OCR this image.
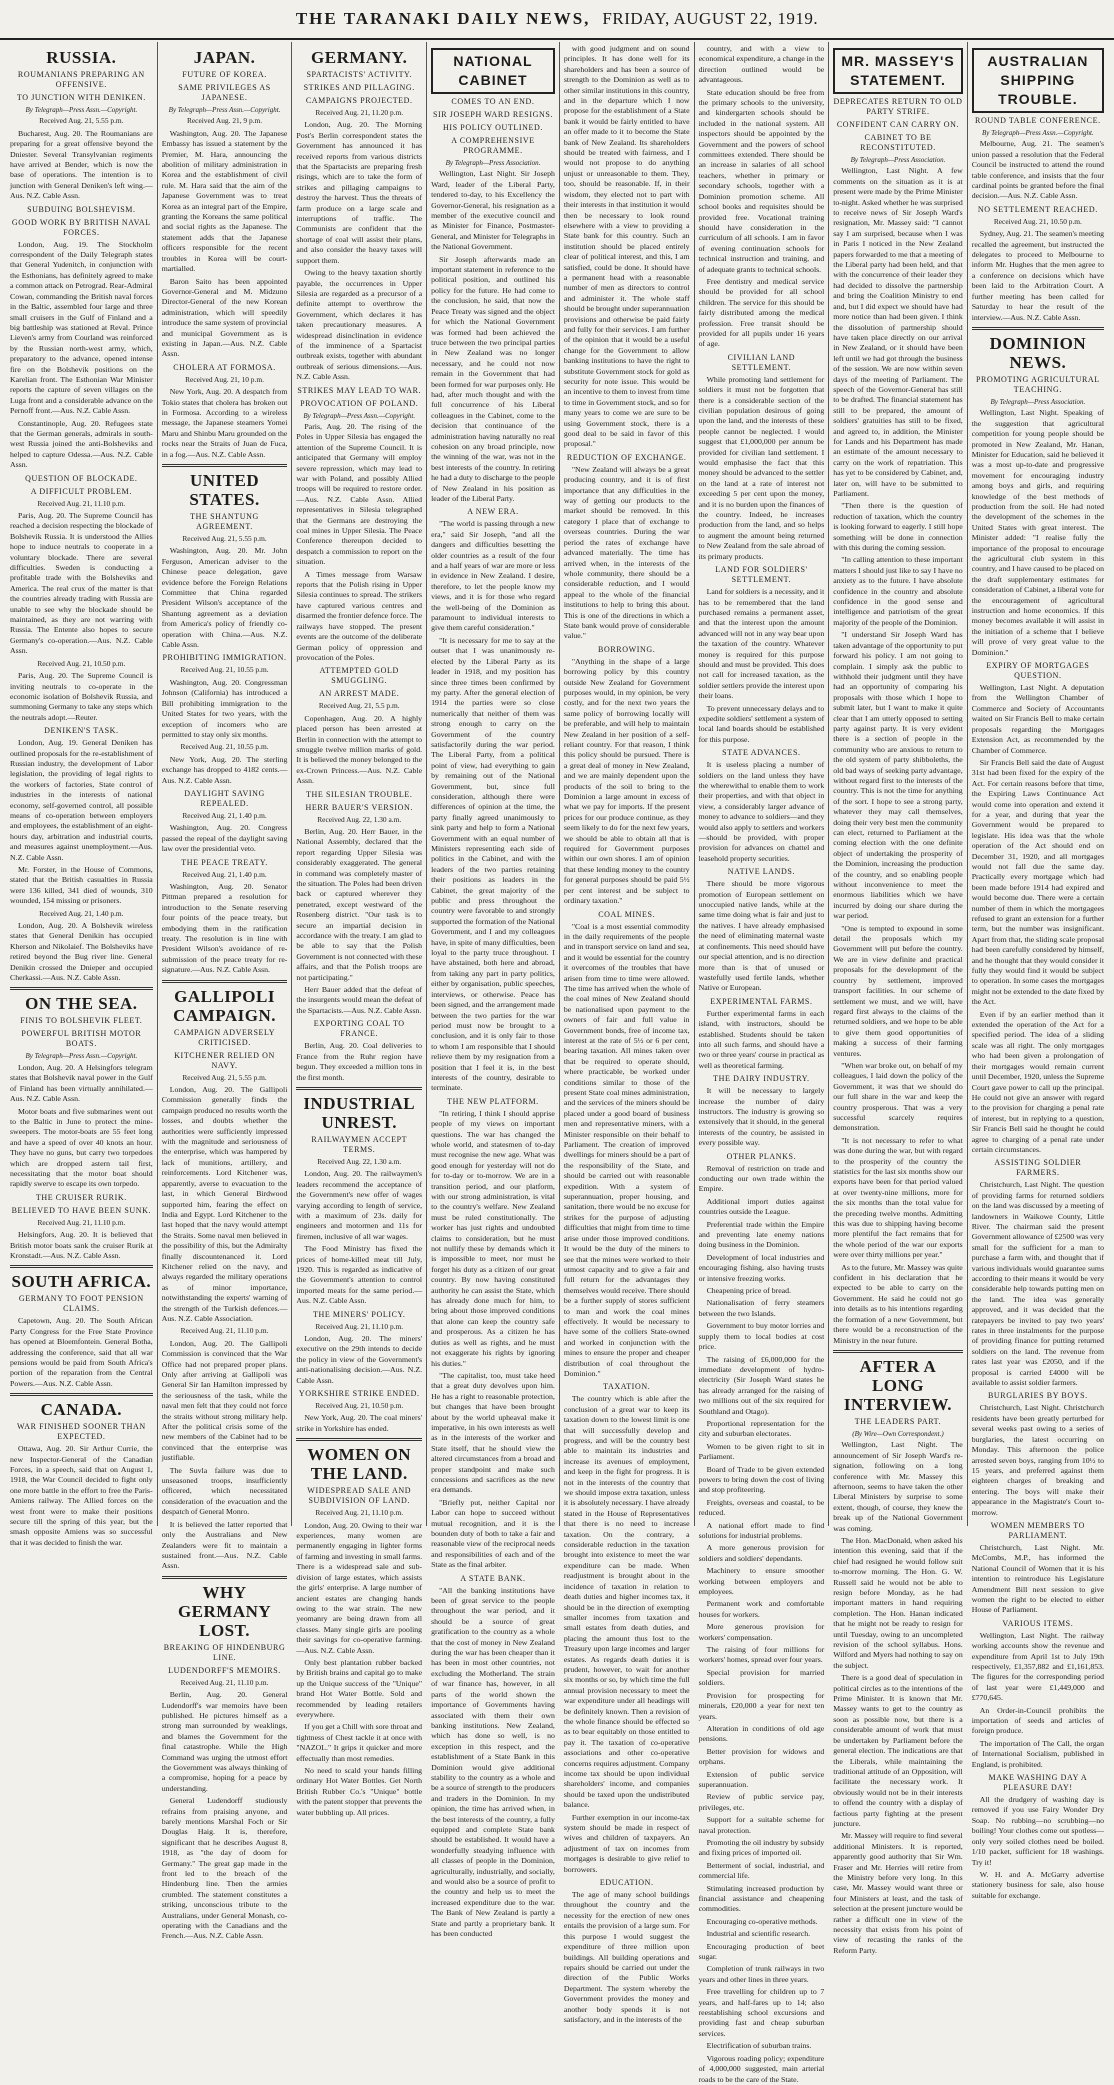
THE TARANAKI DAILY NEWS, FRIDAY, AUGUST 22, 1919.
RUSSIA.
ROUMANIANS PREPARING AN OFFENSIVE.
TO JUNCTION WITH DENIKEN.
By Telegraph—Press Assn.—Copyright.
Received Aug. 21, 5.55 p.m.

Bucharest, Aug. 20. The Roumanians are preparing for a great offensive beyond the Dniester. Several Transylvanian regiments have arrived at Bender, which is now the base of operations. The intention is to junction with General Deniken's left wing.—Aus. N.Z. Cable Assn.

SUBDUING BOLSHEVISM.
GOOD WORK BY BRITISH NAVAL FORCES.

London, Aug. 19. The Stockholm correspondent of the Daily Telegraph states that General Yudenitch, in conjunction with the Esthonians, has definitely agreed to make a common attack on Petrograd. Rear-Admiral Cowan, commanding the British naval forces in the Baltic, assembled four large and three small cruisers in the Gulf of Finland and a big battleship was stationed at Reval. Prince Lieven's army from Courland was reinforced by the Russian north-west army, which, preparatory to the advance, opened intense fire on the Bolshevik positions on the Karelian front. The Esthonian War Minister reports the capture of seven villages on the Luga front and a considerable advance on the Pernoff front.—Aus. N.Z. Cable Assn.

Constantinople, Aug. 20. Refugees state that the German generals, admirals in south-west Russia joined the anti-Bolsheviks and helped to capture Odessa.—Aus. N.Z. Cable Assn.

QUESTION OF BLOCKADE.
A DIFFICULT PROBLEM.
Received Aug. 21, 11.10 p.m.

Paris, Aug. 20. The Supreme Council has reached a decision respecting the blockade of Bolshevik Russia. It is understood the Allies hope to induce neutrals to cooperate in a voluntary blockade. There are several difficulties. Sweden is conducting a profitable trade with the Bolsheviks and America. The real crux of the matter is that the countries already trading with Russia are unable to see why the blockade should be maintained, as they are not warring with Russia. The Entente also hopes to secure Germany's co-operation.—Aus. N.Z. Cable Assn.

Received Aug. 21, 10.50 p.m.

Paris, Aug. 20. The Supreme Council is inviting neutrals to co-operate in the economic isolation of Bolshevik Russia, and summoning Germany to take any steps which the neutrals adopt.—Reuter.

DENIKEN'S TASK.

London, Aug. 19. General Deniken has outlined proposals for the re-establishment of Russian industry, the development of Labor legislation, the providing of legal rights to the workers of factories, State control of industries in the interests of national economy, self-governed control, all possible means of co-operation between employers and employees, the establishment of an eight-hours day, arbitration and industrial courts, and measures against unemployment.—Aus. N.Z. Cable Assn.

Mr. Forster, in the House of Commons, stated that the British casualties in Russia were 136 killed, 341 died of wounds, 310 wounded, 154 missing or prisoners.

Received Aug. 21, 1.40 p.m.

London, Aug. 20. A Bolshevik wireless states that General Denikin has occupied Kherson and Nikolaief. The Bolsheviks have retired beyond the Bug river line. General Denikin crossed the Dnieper and occupied Cherkassi.—Aus. N.Z. Cable Assn.

ON THE SEA.
FINIS TO BOLSHEVIK FLEET.
POWERFUL BRITISH MOTOR BOATS.
By Telegraph—Press Assn.—Copyright.

London, Aug. 20. A Helsingfors telegram states that Bolshevik naval power in the Gulf of Finland has been virtually annihilated.—Aus. N.Z. Cable Assn.

Motor boats and five submarines went out to the Baltic in June to protect the mine-sweepers. The motor-boats are 55 feet long and have a speed of over 40 knots an hour. They have no guns, but carry two torpedoes which are dropped astern tail first, necessitating that the motor boat should rapidly swerve to escape its own torpedo.

THE CRUISER RURIK.
BELIEVED TO HAVE BEEN SUNK.
Received Aug. 21, 11.10 p.m.

Helsingfors, Aug. 20. It is believed that British motor boats sank the cruiser Rurik at Kronstadt.—Aus. N.Z. Cable Assn.

SOUTH AFRICA.
GERMANY TO FOOT PENSION CLAIMS.

Capetown, Aug. 20. The South African Party Congress for the Free State Province has opened at Bloemfontein. General Botha, addressing the conference, said that all war pensions would be paid from South Africa's portion of the reparation from the Central Powers.—Aus. N.Z. Cable Assn.

CANADA.
WAR FINISHED SOONER THAN EXPECTED.

Ottawa, Aug. 20. Sir Arthur Currie, the new Inspector-General of the Canadian Forces, in a speech, said that on August 1, 1918, the War Council decided to fight only one more battle in the effort to free the Paris-Amiens railway. The Allied forces on the west front were to make their positions secure till the spring of this year, but the smash opposite Amiens was so successful that it was decided to finish the war.

JAPAN.
FUTURE OF KOREA.
SAME PRIVILEGES AS JAPANESE.
By Telegraph—Press Assn.—Copyright.
Received Aug. 21, 9 p.m.

Washington, Aug. 20. The Japanese Embassy has issued a statement by the Premier, M. Hara, announcing the abolition of military administration in Korea and the establishment of civil rule. M. Hara said that the aim of the Japanese Government was to treat Korea as an integral part of the Empire, granting the Koreans the same political and social rights as the Japanese. The statement adds that the Japanese officers responsible for the recent troubles in Korea will be court-martialled.

Baron Saito has been appointed Governor-General and M. Midzuno Director-General of the new Korean administration, which will speedily introduce the same system of provincial and municipal Government as is existing in Japan.—Aus. N.Z. Cable Assn.

CHOLERA AT FORMOSA.
Received Aug. 21, 10 p.m.

New York, Aug. 20. A despatch from Tokio states that cholera has broken out in Formosa. According to a wireless message, the Japanese steamers Yomei Maru and Shinbu Maru grounded on the rocks near the Straits of Juan de Fuca, in a fog.—Aus. N.Z. Cable Assn.

UNITED STATES.
THE SHANTUNG AGREEMENT.
Received Aug. 21, 5.55 p.m.

Washington, Aug. 20. Mr. John Ferguson, American adviser to the Chinese peace delegation, gave evidence before the Foreign Relations Committee that China regarded President Wilson's acceptance of the Shantung agreement as a deviation from America's policy of friendly co-operation with China.—Aus. N.Z. Cable Assn.

PROHIBITING IMMIGRATION.
Received Aug. 21, 10.55 p.m.

Washington, Aug. 20. Congressman Johnson (California) has introduced a Bill prohibiting immigration to the United States for two years, with the exception of incomers who are permitted to stay only six months.

Received Aug. 21, 10.55 p.m.

New York, Aug. 20. The sterling exchange has dropped to 4182 cents.—Aus. N.Z. Cable Assn.

DAYLIGHT SAVING REPEALED.
Received Aug. 21, 1.40 p.m.

Washington, Aug. 20. Congress passed the repeal of the daylight saving law over the presidential veto.

THE PEACE TREATY.
Received Aug. 21, 1.40 p.m.

Washington, Aug. 20. Senator Pittman prepared a resolution for introduction to the Senate reserving four points of the peace treaty, but embodying them in the ratification treaty. The resolution is in line with President Wilson's avoidance of re-submission of the peace treaty for re-signature.—Aus. N.Z. Cable Assn.

GALLIPOLI CAMPAIGN.
CAMPAIGN ADVERSELY CRITICISED.
KITCHENER RELIED ON NAVY.
Received Aug. 21, 5.55 p.m.

London, Aug. 20. The Gallipoli Commission generally finds the campaign produced no results worth the losses, and doubts whether the authorities were sufficiently impressed with the magnitude and seriousness of the enterprise, which was hampered by lack of munitions, artillery, and reinforcements. Lord Kitchener was, apparently, averse to evacuation to the last, in which General Birdwood supported him, fearing the effect on India and Egypt. Lord Kitchener to the last hoped that the navy would attempt the Straits. Some naval men believed in the possibility of this, but the Admiralty finally discountenanced it. Lord Kitchener relied on the navy, and always regarded the military operations as of minor importance, notwithstanding the experts' warning of the strength of the Turkish defences.—Aus. N.Z. Cable Association.

Received Aug. 21, 11.10 p.m.

London, Aug. 20. The Gallipoli Commission is convinced that the War Office had not prepared proper plans. Only after arriving at Gallipoli was General Sir Ian Hamilton impressed by the seriousness of the task, while the naval men felt that they could not force the straits without strong military help. After the political crisis some of the new members of the Cabinet had to be convinced that the enterprise was justifiable.

The Suvla failure was due to unseasoned troops, insufficiently officered, which necessitated consideration of the evacuation and the despatch of General Monro.

It is believed the latter reported that only the Australians and New Zealanders were fit to maintain a sustained front.—Aus. N.Z. Cable Assn.

WHY GERMANY LOST.
BREAKING OF HINDENBURG LINE.
LUDENDORFF'S MEMOIRS.
Received Aug. 21, 11.10 p.m.

Berlin, Aug. 20. General Ludendorff's war memoirs have been published. He pictures himself as a strong man surrounded by weaklings, and blames the Government for the final catastrophe. While the High Command was urging the utmost effort the Government was always thinking of a compromise, hoping for a peace by understanding.

General Ludendorff studiously refrains from praising anyone, and barely mentions Marshal Foch or Sir Douglas Haig. It is, therefore, significant that he describes August 8, 1918, as "the day of doom for Germany." The great gap made in the front led to the breach of the Hindenburg line. Then the armies crumbled. The statement constitutes a striking, unconscious tribute to the Australians, under General Monash, co-operating with the Canadians and the French.—Aus. N.Z. Cable Assn.

GERMANY.
SPARTACISTS' ACTIVITY.
STRIKES AND PILLAGING.
CAMPAIGNS PROJECTED.
Received Aug. 21, 11.20 p.m.

London, Aug. 20. The Morning Post's Berlin correspondent states the Government has announced it has received reports from various districts that the Spartacists are preparing fresh risings, which are to take the form of strikes and pillaging campaigns to destroy the harvest. Thus the threats of farm produce on a large scale and interruptions of traffic. The Communists are confident that the shortage of coal will assist their plans, and also consider the heavy taxes will support them.

Owing to the heavy taxation shortly payable, the occurrences in Upper Silesia are regarded as a precursor of a definite attempt to overthrow the Government, which declares it has taken precautionary measures. A widespread disinclination in evidence of the imminence of a Spartacist outbreak exists, together with abundant outbreak of serious dimensions.—Aus. N.Z. Cable Assn.

STRIKES MAY LEAD TO WAR.
PROVOCATION OF POLAND.
By Telegraph—Press Assn.—Copyright.

Paris, Aug. 20. The rising of the Poles in Upper Silesia has engaged the attention of the Supreme Council. It is anticipated that Germany will employ severe repression, which may lead to war with Poland, and possibly Allied troops will be required to restore order.—Aus. N.Z. Cable Assn. Allied representatives in Silesia telegraphed that the Germans are destroying the coal mines in Upper Silesia. The Peace Conference thereupon decided to despatch a commission to report on the situation.

A Times message from Warsaw reports that the Polish rising in Upper Silesia continues to spread. The strikers have captured various centres and disarmed the frontier defence force. The railways have stopped. The present events are the outcome of the deliberate German policy of oppression and provocation of the Poles.

ATTEMPTED GOLD SMUGGLING.
AN ARREST MADE.
Received Aug. 21, 5.5 p.m.

Copenhagen, Aug. 20. A highly placed person has been arrested at Berlin in connection with the attempt to smuggle twelve million marks of gold. It is believed the money belonged to the ex-Crown Princess.—Aus. N.Z. Cable Assn.

THE SILESIAN TROUBLE.
HERR BAUER'S VERSION.
Received Aug. 22, 1.30 a.m.

Berlin, Aug. 20. Herr Bauer, in the National Assembly, declared that the report regarding Upper Silesia was considerably exaggerated. The general in command was completely master of the situation. The Poles had been driven back or captured wherever they penetrated, except westward of the Rosenberg district. "Our task is to secure an impartial decision in accordance with the treaty. I am glad to be able to say that the Polish Government is not connected with these affairs, and that the Polish troops are not participating."

Herr Bauer added that the defeat of the insurgents would mean the defeat of the Spartacists.—Aus. N.Z. Cable Assn.

EXPORTING COAL TO FRANCE.

Berlin, Aug. 20. Coal deliveries to France from the Ruhr region have begun. They exceeded a million tons in the first month.

INDUSTRIAL UNREST.
RAILWAYMEN ACCEPT TERMS.
Received Aug. 22, 1.30 a.m.

London, Aug. 20. The railwaymen's leaders recommend the acceptance of the Government's new offer of wages varying according to length of service, with a maximum of 23s. daily for engineers and motormen and 11s for firemen, inclusive of all war wages.

The Food Ministry has fixed the prices of home-killed meat till July, 1920. This is regarded as indicative of the Government's attention to control imported meats for the same period.—Aus. N.Z. Cable Assn.

THE MINERS' POLICY.
Received Aug. 21, 11.10 p.m.

London, Aug. 20. The miners' executive on the 29th intends to decide the policy in view of the Government's anti-nationalising decision.—Aus. N.Z. Cable Assn.

YORKSHIRE STRIKE ENDED.
Received Aug. 21, 10.50 p.m.

New York, Aug. 20. The coal miners' strike in Yorkshire has ended.

WOMEN ON THE LAND.
WIDESPREAD SALE AND SUBDIVISION OF LAND.
Received Aug. 21, 11.10 p.m.

London, Aug. 20. Owing to their war experiences, many women are permanently engaging in lighter forms of farming and investing in small farms. There is a widespread sale and sub-division of large estates, which assists the girls' enterprise. A large number of ancient estates are changing hands owing to the war strain. The new yeomanry are being drawn from all classes. Many single girls are pooling their savings for co-operative farming.—Aus. N.Z. Cable Assn.

Only best plantation rubber backed by British brains and capital go to make up the Unique success of the "Unique" brand Hot Water Bottle. Sold and recommended by leading retailers everywhere.

If you get a Chill with sore throat and tightness of Chest tackle it at once with "NAZOL." It grips it quicker and more effectually than most remedies.

No need to scald your hands filling ordinary Hot Water Bottles. Get North British Rubber Co.'s "Unique" bottle with the patent stopper that prevents the water bubbling up. All prices.

NATIONAL CABINET
COMES TO AN END.
SIR JOSEPH WARD RESIGNS.
HIS POLICY OUTLINED.
A COMPREHENSIVE PROGRAMME.
By Telegraph—Press Association.

Wellington, Last Night. Sir Joseph Ward, leader of the Liberal Party, tendered to-day, to his Excellency the Governor-General, his resignation as a member of the executive council and as Minister for Finance, Postmaster-General, and Minister for Telegraphs in the National Government.

Sir Joseph afterwards made an important statement in reference to the political position, and outlined his policy for the future. He had come to the conclusion, he said, that now the Peace Treaty was signed and the object for which the National Government was formed had been achieved the truce between the two principal parties in New Zealand was no longer necessary, and he could not now remain in the Government that had been formed for war purposes only. He had, after much thought and with the full concurrence of his Liberal colleagues in the Cabinet, come to the decision that continuance of the administration having naturally no real cohesion on any broad principle, now the winning of the war, was not in the best interests of the country. In retiring he had a duty to discharge to the people of New Zealand in his position as leader of the Liberal Party.

A NEW ERA.

"The world is passing through a new era," said Sir Joseph, "and all the dangers and difficulties besetting the older countries as a result of the four and a half years of war are more or less in evidence in New Zealand. I desire, therefore, to let the people know my views, and it is for those who regard the well-being of the Dominion as paramount to individual interests to give them careful consideration."

"It is necessary for me to say at the outset that I was unanimously re-elected by the Liberal Party as its leader in 1918, and my position has since three times been confirmed by my party. After the general election of 1914 the parties were so close numerically that neither of them was strong enough to carry on the Government of the country satisfactorily during the war period. The Liberal Party, from a political point of view, had everything to gain by remaining out of the National Government, but, since full consideration, although there were differences of opinion at the time, the party finally agreed unanimously to sink party and help to form a National Government with an equal number of Ministers representing each side of politics in the Cabinet, and with the leaders of the two parties retaining their positions as leaders in the Cabinet, the great majority of the public and press throughout the country were favorable to and strongly supported the formation of the National Government, and I and my colleagues have, in spite of many difficulties, been loyal to the party truce throughout. I have abstained, both here and abroad, from taking any part in party politics, either by organisation, public speeches, interviews, or otherwise. Peace has been signed, and the arrangement made between the two parties for the war period must now be brought to a conclusion, and it is only fair to those to whom I am responsible that I should relieve them by my resignation from a position that I feel it is, in the best interests of the country, desirable to terminate.

THE NEW PLATFORM.

"In retiring, I think I should apprise people of my views on important questions. The war has changed the whole world, and statesmen of to-day must recognise the new age. What was good enough for yesterday will not do for to-day or to-morrow. We are in a transition period, and our platform, with our strong administration, is vital to the country's welfare. New Zealand must be ruled constitutionally. The worker has just rights and undoubted claims to consideration, but he must not nullify these by demands which it is impossible to meet, nor must he forget his duty as a citizen of our great country. By now having constituted authority he can assist the State, which has already done much for him, to bring about those improved conditions that alone can keep the country safe and prosperous. As a citizen he has duties as well as rights, and he must not exaggerate his rights by ignoring his duties."

"The capitalist, too, must take heed that a great duty devolves upon him. He has a right to reasonable protection, but changes that have been brought about by the world upheaval make it imperative, in his own interests as well as in the interests of the worker and State itself, that he should view the altered circumstances from a broad and proper standpoint and make such concessions and sacrifices as the new era demands.

"Briefly put, neither Capital nor Labor can hope to succeed without mutual recognition, and it is the bounden duty of both to take a fair and reasonable view of the reciprocal needs and responsibilities of each and of the State as the final arbiter.

A STATE BANK.

"All the banking institutions have been of great service to the people throughout the war period, and it should be a source of great gratification to the country as a whole that the cost of money in New Zealand during the war has been cheaper than it has been in most other countries, not excluding the Motherland. The strain of war finance has, however, in all parts of the world shown the importance of Governments having associated with them their own banking institutions. New Zealand, which has done so well, is no exception in this respect, and the establishment of a State Bank in this Dominion would give additional stability to the country as a whole and be a source of strength to the producers and traders in the Dominion. In my opinion, the time has arrived when, in the best interests of the country, a fully equipped and complete State bank should be established. It would have a wonderfully steadying influence with all classes of people in the Dominion, agriculturally, industrially, and socially, and would also be a source of profit to the country and help us to meet the increased expenditure due to the war. The Bank of New Zealand is partly a State and partly a proprietary bank. It has been conducted

with good judgment and on sound principles. It has done well for its shareholders and has been a source of strength to the Dominion as well as to other similar institutions in this country, and in the departure which I now propose for the establishment of a State bank it would be fairly entitled to have an offer made to it to become the State bank of New Zealand. Its shareholders should be treated with fairness, and I would not propose to do anything unjust or unreasonable to them. They, too, should be reasonable. If, in their wisdom, they elected not to part with their interests in that institution it would then be necessary to look round elsewhere with a view to providing a State bank for this country. Such an institution should be placed entirely clear of political interest, and this, I am satisfied, could be done. It should have a permanent head with a reasonable number of men as directors to control and administer it. The whole staff should be brought under superannuation provisions and otherwise be paid fairly and fully for their services. I am further of the opinion that it would be a useful change for the Government to allow banking institutions to have the right to substitute Government stock for gold as security for note issue. This would be an incentive to them to invest from time to time in Government stock, and so for many years to come we are sure to be using Government stock, there is a good deal to be said in favor of this proposal."

REDUCTION OF EXCHANGE.

"New Zealand will always be a great producing country, and it is of first importance that any difficulties in the way of getting our products to the market should be removed. In this category I place that of exchange to overseas countries. During the war period the rates of exchange have advanced materially. The time has arrived when, in the interests of the whole community, there should be a considerable reduction, and I would appeal to the whole of the financial institutions to help to bring this about. This is one of the directions in which a State bank would prove of considerable value."

BORROWING.

"Anything in the shape of a large borrowing policy by this country outside New Zealand for Government purposes would, in my opinion, be very costly, and for the next two years the same policy of borrowing locally will be preferable, and will help to maintain New Zealand in her position of a self-reliant country. For that reason, I think this policy should be pursued. There is a great deal of money in New Zealand, and we are mainly dependent upon the products of the soil to bring to the Dominion a large amount in excess of what we pay for imports. If the present prices for our produce continue, as they seem likely to do for the next few years, we should be able to obtain all that is required for Government purposes within our own shores. I am of opinion that these lending money to the country for general purposes should be paid 5½ per cent interest and be subject to ordinary taxation."

COAL MINES.

"Coal is a most essential commodity in the daily requirements of the people and in transport service on land and sea, and it would be essential for the country it overcomes of the troubles that have arisen from time to time were allowed. The time has arrived when the whole of the coal mines of New Zealand should be nationalised upon payment to the owners of fair and full value in Government bonds, free of income tax, interest at the rate of 5½ or 6 per cent, bearing taxation. All mines taken over that be required to operate should, where practicable, be worked under conditions similar to those of the present State coal mines administration, and the services of the miners should be placed under a good board of business men and representative miners, with a Minister responsible on their behalf to Parliament. The creation of improved dwellings for miners should be a part of the responsibility of the State, and should be carried out with reasonable expedition. With a system of superannuation, proper housing, and sanitation, there would be no excuse for strikes for the purpose of adjusting difficulties that might from time to time arise under those improved conditions. It would be the duty of the miners to see that the mines were worked to their utmost capacity and to give a fair and full return for the advantages they themselves would receive. There should be a further supply of stores sufficient to man and work the coal mines effectively. It would be necessary to have some of the colliers State-owned and worked in conjunction with the mines to ensure the proper and cheaper distribution of coal throughout the Dominion."

TAXATION.

The country which is able after the conclusion of a great war to keep its taxation down to the lowest limit is one that will successfully develop and progress, and will be the country best able to maintain its industries and increase its avenues of employment, and keep in the fight for progress. It is not in the interests of the country that we should impose extra taxation, unless it is absolutely necessary. I have already stated in the House of Representatives that there is no need to increase taxation. On the contrary, a considerable reduction in the taxation brought into existence to meet the war expenditure can be made. When readjustment is brought about in the incidence of taxation in relation to death duties and higher incomes tax, it should be in the direction of exempting smaller incomes from taxation and small estates from death duties, and placing the amount thus lost to the Treasury upon large incomes and larger estates. As regards death duties it is prudent, however, to wait for another six months or so, by which time the full annual provision necessary to meet the war expenditure under all headings will be definitely known. Then a revision of the whole finance should be effected so as to bear equitably on those entitled to pay it. The taxation of co-operative associations and other co-operative concerns requires adjustment. Company income tax should be upon individual shareholders' income, and companies should be taxed upon the undistributed balance.

Further exemption in our income-tax system should be made in respect of wives and children of taxpayers. An adjustment of tax on incomes from mortgages is desirable to give relief to borrowers.

EDUCATION.

The age of many school buildings throughout the country and the necessity for the erection of new ones entails the provision of a large sum. For this purpose I would suggest the expenditure of three million upon buildings. All building operations and repairs should be carried out under the direction of the Public Works Department. The system whereby the Government provides the money and another body spends it is not satisfactory, and in the interests of the

country, and with a view to economical expenditure, a change in the direction outlined would be advantageous.

State education should be free from the primary schools to the university, and kindergarten schools should be included in the national system. All inspectors should be appointed by the Government and the powers of school committees extended. There should be an increase in salaries of all school teachers, whether in primary or secondary schools, together with a Dominion promotion scheme. All school books and requisites should be provided free. Vocational training should have consideration in the curriculum of all schools. I am in favor of evening continuation schools for technical instruction and training, and of adequate grants to technical schools.

Free dentistry and medical service should be provided for all school children. The service for this should be fairly distributed among the medical profession. Free transit should be provided for all pupils under 16 years of age.

CIVILIAN LAND SETTLEMENT.

While promoting land settlement for soldiers it must not be forgotten that there is a considerable section of the civilian population desirous of going upon the land, and the interests of these people cannot be neglected. I would suggest that £1,000,000 per annum be provided for civilian land settlement. I would emphasise the fact that this money should be advanced to the settler on the land at a rate of interest not exceeding 5 per cent upon the money, and it is no burden upon the finances of the country. Indeed, he increases production from the land, and so helps to augment the amount being returned to New Zealand from the sale abroad of its primary products.

LAND FOR SOLDIERS' SETTLEMENT.

Land for soldiers is a necessity, and it has to be remembered that the land purchased remains a permanent asset, and that the interest upon the amount advanced will not in any way bear upon the taxation of the country. Whatever money is required for this purpose should and must be provided. This does not call for increased taxation, as the soldier settlers provide the interest upon their loans.

To prevent unnecessary delays and to expedite soldiers' settlement a system of local land boards should be established for this purpose.

STATE ADVANCES.

It is useless placing a number of soldiers on the land unless they have the wherewithal to enable them to work their properties, and with that object in view, a considerably larger advance of money to advance to soldiers—and they would also apply to settlers and workers—should be provided, with proper provision for advances on chattel and leasehold property securities.

NATIVE LANDS.

There should be more vigorous promotion of European settlement on unoccupied native lands, while at the same time doing what is fair and just to the natives. I have already emphasised the need of eliminating maternal waste at confinements. This need should have our special attention, and is no direction more than is that of unused or wastefully used fertile lands, whether Native or European.

EXPERIMENTAL FARMS.

Further experimental farms in each island, with instructors, should be established. Students should be taken into all such farms, and should have a two or three years' course in practical as well as theoretical farming.

THE DAIRY INDUSTRY.

It will be necessary to largely increase the number of dairy instructors. The industry is growing so extensively that it should, in the general interests of the country, be assisted in every possible way.

OTHER PLANKS.

Removal of restriction on trade and conducting our own trade within the Empire.

Additional import duties against countries outside the League.

Preferential trade within the Empire and preventing late enemy nations doing business in the Dominion.

Development of local industries and encouraging fishing, also having trusts or intensive freezing works.

Cheapening price of bread.

Nationalisation of ferry steamers between the two Islands.

Government to buy motor lorries and supply them to local bodies at cost price.

The raising of £6,000,000 for the immediate development of hydro-electricity (Sir Joseph Ward states he has already arranged for the raising of two millions out of the six required for Southland and Otago).

Proportional representation for the city and suburban electorates.

Women to be given right to sit in Parliament.

Board of Trade to be given extended powers to bring down the cost of living and stop profiteering.

Freights, overseas and coastal, to be reduced.

A national effort made to find solutions for industrial problems.

A more generous provision for soldiers and soldiers' dependants.

Machinery to ensure smoother working between employers and employees.

Permanent work and comfortable houses for workers.

More generous provision for workers' compensation.

The raising of four millions for workers' homes, spread over four years.

Special provision for married soldiers.

Provision for prospecting for minerals, £20,000 a year for next ten years.

Alteration in conditions of old age pensions.

Better provision for widows and orphans.

Extension of public service superannuation.

Review of public service pay, privileges, etc.

Support for a suitable scheme for naval protection.

Promoting the oil industry by subsidy and fixing prices of imported oil.

Betterment of social, industrial, and commercial life.

Stimulating increased production by financial assistance and cheapening commodities.

Encouraging co-operative methods.

Industrial and scientific research.

Encouraging production of beet sugar.

Completion of trunk railways in two years and other lines in three years.

Free travelling for children up to 7 years, and half-fares up to 14; also reestablishing school excursions and providing fast and cheap suburban services.

Electrification of suburban trains.

Vigorous roading policy; expenditure of 4,000,000 suggested, main arterial roads to be the care of the State.

MR. MASSEY'S STATEMENT.
DEPRECATES RETURN TO OLD PARTY STRIFE.
CONFIDENT CAN CARRY ON.
CABINET TO BE RECONSTITUTED.
By Telegraph—Press Association.

Wellington, Last Night. A few comments on the situation as it is at present were made by the Prime Minister to-night. Asked whether he was surprised to receive news of Sir Joseph Ward's resignation, Mr. Massey said: "I cannot say I am surprised, because when I was in Paris I noticed in the New Zealand papers forwarded to me that a meeting of the Liberal party had been held, and that with the concurrence of their leader they had decided to dissolve the partnership and bring the Coalition Ministry to end and, but I did expect we should have had more notice than had been given. I think the dissolution of partnership should have taken place directly on our arrival in New Zealand, or it should have been left until we had got through the business of the session. We are now within seven days of the meeting of Parliament. The speech of the Governor-General has still to be drafted. The financial statement has still to be prepared, the amount of soldiers' gratuities has still to be fixed, and agreed to, in addition, the Minister for Lands and his Department has made an estimate of the amount necessary to carry on the work of repatriation. This has yet to be considered by Cabinet, and, later on, will have to be submitted to Parliament.

"Then there is the question of reduction of taxation, which the country is looking forward to eagerly. I still hope something will be done in connection with this during the coming session.

"In calling attention to these important matters I should just like to say I have no anxiety as to the future. I have absolute confidence in the country and absolute confidence in the good sense and intelligence and patriotism of the great majority of the people of the Dominion.

"I understand Sir Joseph Ward has taken advantage of the opportunity to put forward his policy. I am not going to complain. I simply ask the public to withhold their judgment until they have had an opportunity of comparing his proposals with those which I hope to submit later, but I want to make it quite clear that I am utterly opposed to setting party against party. It is very evident there is a section of people in the community who are anxious to return to the old system of party shibboleths, the old bad ways of seeking party advantage, without regard first to the interests of the country. This is not the time for anything of the sort. I hope to see a strong party, whatever they may call themselves, doing their very best men the community can elect, returned to Parliament at the coming election with the one definite object of undertaking the prosperity of the Dominion, increasing the production of the country, and so enabling people without inconvenience to meet the enormous liabilities which we have incurred by doing our share during the war period.

"One is tempted to expound in some detail the proposals which my Government will put before the country. We are in view definite and practical proposals for the development of the country by settlement, improved transport facilities. In our scheme of settlement we must, and we will, have regard first always to the claims of the returned soldiers, and we hope to be able to give them good opportunities of making a success of their farming ventures.

"When war broke out, on behalf of my colleagues, I laid down the policy of the Government, it was that we should do our full share in the war and keep the country prosperous. That was a very successful scarcely requires demonstration.

"It is not necessary to refer to what was done during the war, but with regard to the prosperity of the country the statistics for the last six months show our exports have been for that period valued at over twenty-nine millions, more for the six months than the total value for the preceding twelve months. Admitting this was due to shipping having become more plentiful the fact remains that for the whole period of the war our exports were over thirty millions per year."

As to the future, Mr. Massey was quite confident in his declaration that he expected to be able to carry on the Government. He said he could not go into details as to his intentions regarding the formation of a new Government, but there would be a reconstruction of the Ministry in the near future.

AFTER A LONG INTERVIEW.
THE LEADERS PART.
(By Wire—Own Correspondent.)

Wellington, Last Night. The announcement of Sir Joseph Ward's re-signation, following on a long conference with Mr. Massey this afternoon, seems to have taken the other Liberal Ministers by surprise to some extent, though, of course, they knew the break up of the National Government was coming.

The Hon. MacDonald, when asked his intention this evening, said that if the chief had resigned he would follow suit to-morrow morning. The Hon. G. W. Russell said he would not be able to resign before Monday, as he had important matters in hand requiring completion. The Hon. Hanan indicated that he might not be ready to resign for until Tuesday, owing to an uncompleted revision of the school syllabus. Hons. Wilford and Myers had nothing to say on the subject.

There is a good deal of speculation in political circles as to the intentions of the Prime Minister. It is known that Mr. Massey wants to get to the country as soon as possible now, but there is a considerable amount of work that must be undertaken by Parliament before the general election. The indications are that the Liberals, while maintaining the traditional attitude of an Opposition, will facilitate the necessary work. It obviously would not be in their interests to offend the country with a display of factious party fighting at the present juncture.

Mr. Massey will require to find several additional Ministers. It is reported, apparently good authority that Sir Wm. Fraser and Mr. Herries will retire from the Ministry before very long. In this case, Mr. Massey would want three or four Ministers at least, and the task of selection at the present juncture would be rather a difficult one in view of the necessity that exists from his point of view of recasting the ranks of the Reform Party.

AUSTRALIAN SHIPPING TROUBLE.
ROUND TABLE CONFERENCE.
By Telegraph—Press Assn.—Copyright.

Melbourne, Aug. 21. The seamen's union passed a resolution that the Federal Council be instructed to attend the round table conference, and insists that the four cardinal points be granted before the final decision.—Aus. N.Z. Cable Assn.

NO SETTLEMENT REACHED.
Received Aug. 21, 10.50 p.m.

Sydney, Aug. 21. The seamen's meeting recalled the agreement, but instructed the delegates to proceed to Melbourne to inform Mr. Hughes that the men agree to a conference on decisions which have been laid to the Arbitration Court. A further meeting has been called for Saturday to hear the result of the interview.—Aus. N.Z. Cable Assn.

DOMINION NEWS.
PROMOTING AGRICULTURAL TEACHING.
By Telegraph—Press Association.

Wellington, Last Night. Speaking of the suggestion that agricultural competition for young people should be promoted in New Zealand, Mr. Hanan, Minister for Education, said he believed it was a most up-to-date and progressive movement for encouraging industry among boys and girls, and requiring knowledge of the best methods of production from the soil. He had noted the development of the schemes in the United States with great interest. The Minister added: "I realise fully the importance of the proposal to encourage the agricultural club system in this country, and I have caused to be placed on the draft supplementary estimates for consideration of Cabinet, a liberal vote for the encouragement of agricultural instruction and home economics. If this money becomes available it will assist in the initiation of a scheme that I believe will prove of very great value to the Dominion."

EXPIRY OF MORTGAGES QUESTION.

Wellington, Last Night. A deputation from the Wellington Chamber of Commerce and Society of Accountants waited on Sir Francis Bell to make certain proposals regarding the Mortgages Extension Act, as recommended by the Chamber of Commerce.

Sir Francis Bell said the date of August 31st had been fixed for the expiry of the Act. For certain reasons before that time, the Expiring Laws Continuance Act would come into operation and extend it for a year, and during that year the Government would be prepared to legislate. His idea was that the whole operation of the Act should end on December 31, 1920, and all mortgages would not fall due the same day. Practically every mortgage which had been made before 1914 had expired and would become due. There were a certain number of them in which the mortgagees refused to grant an extension for a further term, but the number was insignificant. Apart from that, the sliding scale proposal had been carefully considered by himself, and he thought that they would consider it fully they would find it would be subject to operation. In some cases the mortgages might not be extended to the date fixed by the Act.

Even if by an earlier method than it extended the operation of the Act for a specified period. The idea of a sliding scale was all right. The only mortgages who had been given a prolongation of their mortgages would remain current until December, 1920, unless the Supreme Court gave power to call up the principal. He could not give an answer with regard to the provision for charging a penal rate of interest, but in replying to a question, Sir Francis Bell said he thought he could agree to charging of a penal rate under certain circumstances.

ASSISTING SOLDIER FARMERS.

Christchurch, Last Night. The question of providing farms for returned soldiers on the land was discussed by a meeting of landowners in Waikowe County, Little River. The chairman said the present Government allowance of £2500 was very small for the sufficient for a man to purchase a farm with, and thought that if various individuals would guarantee sums according to their means it would be very considerable help towards putting men on the land. The idea was generally approved, and it was decided that the ratepayers be invited to pay two years' rates in three instalments for the purpose of providing finance for putting returned soldiers on the land. The revenue from rates last year was £2050, and if the proposal is carried £4000 will be available to assist soldier farmers.

BURGLARIES BY BOYS.

Christchurch, Last Night. Christchurch residents have been greatly perturbed for several weeks past owing to a series of burglaries, the latest occurring on Monday. This afternoon the police arrested seven boys, ranging from 10½ to 15 years, and preferred against them eighteen charges of breaking and entering. The boys will make their appearance in the Magistrate's Court to-morrow.

WOMEN MEMBERS TO PARLIAMENT.

Christchurch, Last Night. Mr. McCombs, M.P., has informed the National Council of Women that it is his intention to reintroduce his Legislature Amendment Bill next session to give women the right to be elected to either House of Parliament.

VARIOUS ITEMS.

Wellington, Last Night. The railway working accounts show the revenue and expenditure from April 1st to July 19th respectively, £1,357,882 and £1,161,853. The figures for the corresponding period of last year were £1,449,000 and £770,645.

An Order-in-Council prohibits the importation of seeds and articles of foreign produce.

The importation of The Call, the organ of International Socialism, published in England, is prohibited.

MAKE WASHING DAY A PLEASURE DAY!

All the drudgery of washing day is removed if you use Fairy Wonder Dry Soap. No rubbing—no scrubbing—no boiling! Your clothes come out spotless—only very soiled clothes need be boiled. 1/10 packet, sufficient for 18 washings. Try it!

W. H. and A. McGarry advertise stationery business for sale, also house suitable for exchange.
